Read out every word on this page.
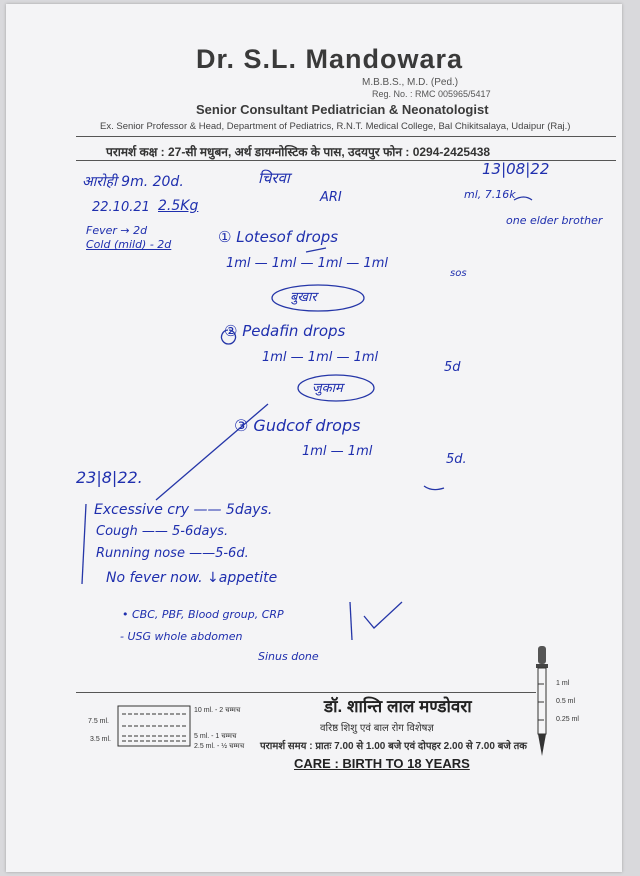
Dr. S.L. Mandowara
M.B.B.S., M.D. (Ped.)
Reg. No. : RMC 005965/5417
Senior Consultant Pediatrician & Neonatologist
Ex. Senior Professor & Head, Department of Pediatrics, R.N.T. Medical College, Bal Chikitsalaya, Udaipur (Raj.)
परामर्श कक्ष : 27-सी मधुबन, अर्थ डायग्नोस्टिक के पास, उदयपुर फोन : 0294-2425438
आरोही 9m. 20d.	चिरवा	13|08|22
ml, 7.16k
one elder brother
22.10.21 2.5Kg
ARI
Fever → 2d
Cold (mild) - 2d	① Lotesof drops
1ml — 1ml — 1ml — 1ml
sos
बुखार
② Pedafin drops
1ml — 1ml — 1ml
5d
जुकाम
③ Gudcof drops
1ml — 1ml
5d.
23|8|22.
Excessive cry —— 5days.
Cough —— 5-6days.
Running nose ——5-6d.
No fever now. ↓appetite
• CBC, PBF, Blood group, CRP
- USG whole abdomen
Sinus done
7.5 ml.
3.5 ml.
10 ml. - 2 चम्मच
5 ml. - 1 चम्मच
2.5 ml. - ½ चम्मच
डॉ. शान्ति लाल मण्डोवरा
वरिष्ठ शिशु एवं बाल रोग विशेषज्ञ
परामर्श समय : प्रातः 7.00 से 1.00 बजे एवं दोपहर 2.00 से 7.00 बजे तक
CARE : BIRTH TO 18 YEARS
1 ml
0.5 ml
0.25 ml
